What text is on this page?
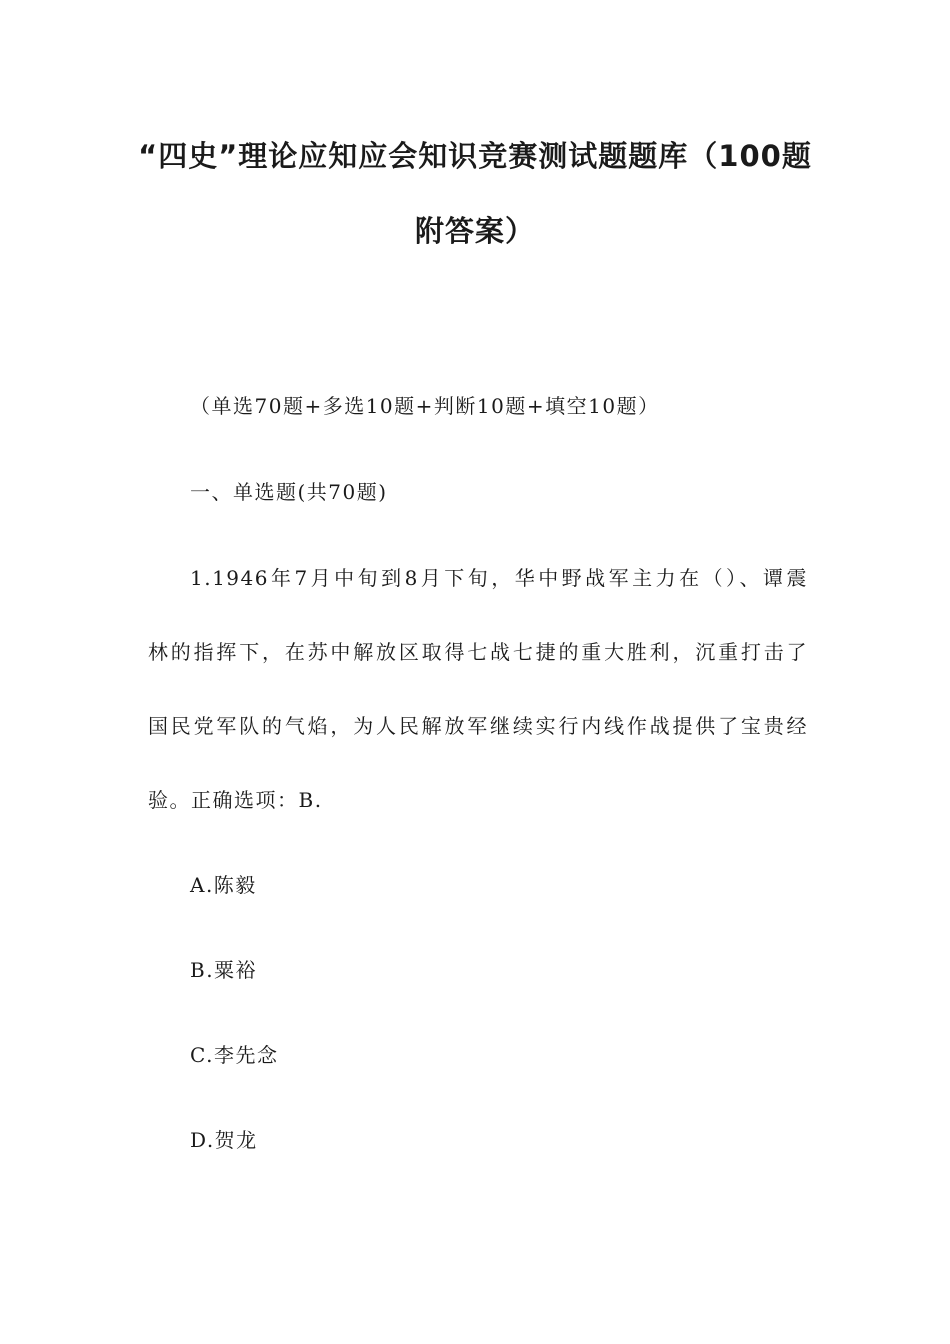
“四史”理论应知应会知识竞赛测试题题库（100题
附答案）
（单选70题+多选10题+判断10题+填空10题）
一、单选题(共70题)
1.1946年7月中旬到8月下旬，华中野战军主力在（）、谭震
林的指挥下，在苏中解放区取得七战七捷的重大胜利，沉重打击了
国民党军队的气焰，为人民解放军继续实行内线作战提供了宝贵经
验。正确选项：B.
A.陈毅
B.粟裕
C.李先念
D.贺龙
